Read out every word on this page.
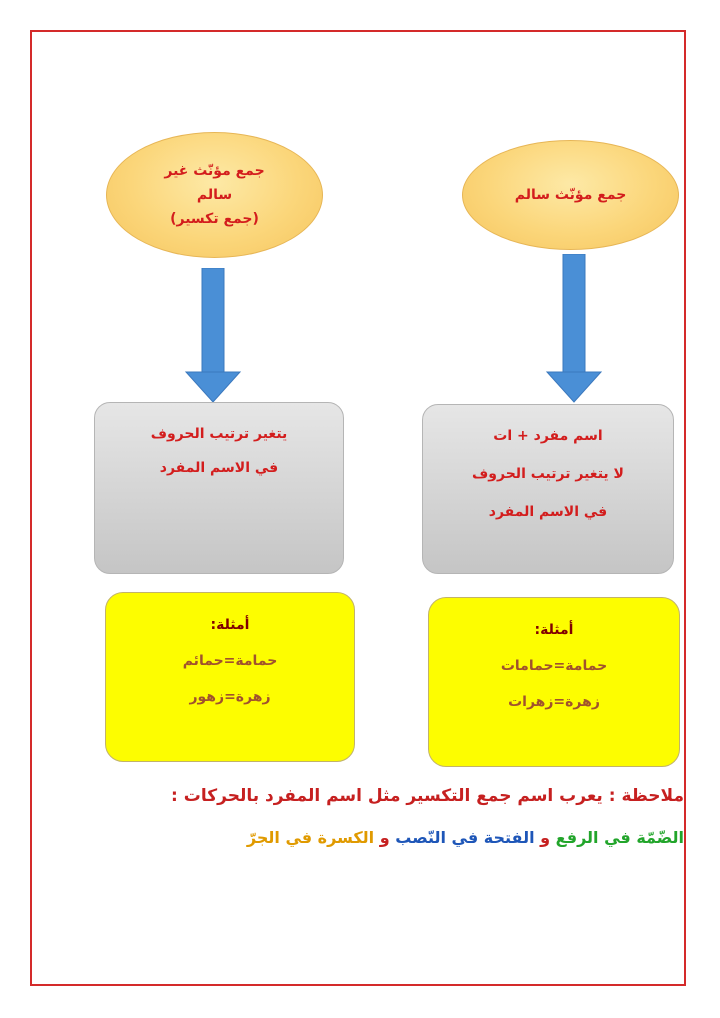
جمع مؤنّث غير
سالم
(جمع تكسير)
جمع مؤنّث سالم
يتغير ترتيب الحروف
في الاسم المفرد
اسم مفرد + ات
لا يتغير ترتيب الحروف
في الاسم المفرد
أمثلة:
حمامة=حمائم
زهرة=زهور
أمثلة:
حمامة=حمامات
زهرة=زهرات
ملاحظة : يعرب اسم جمع التكسير مثل اسم المفرد بالحركات :
الضّمّة في الرفع و الفتحة في النّصب و الكسرة في الجرّ
